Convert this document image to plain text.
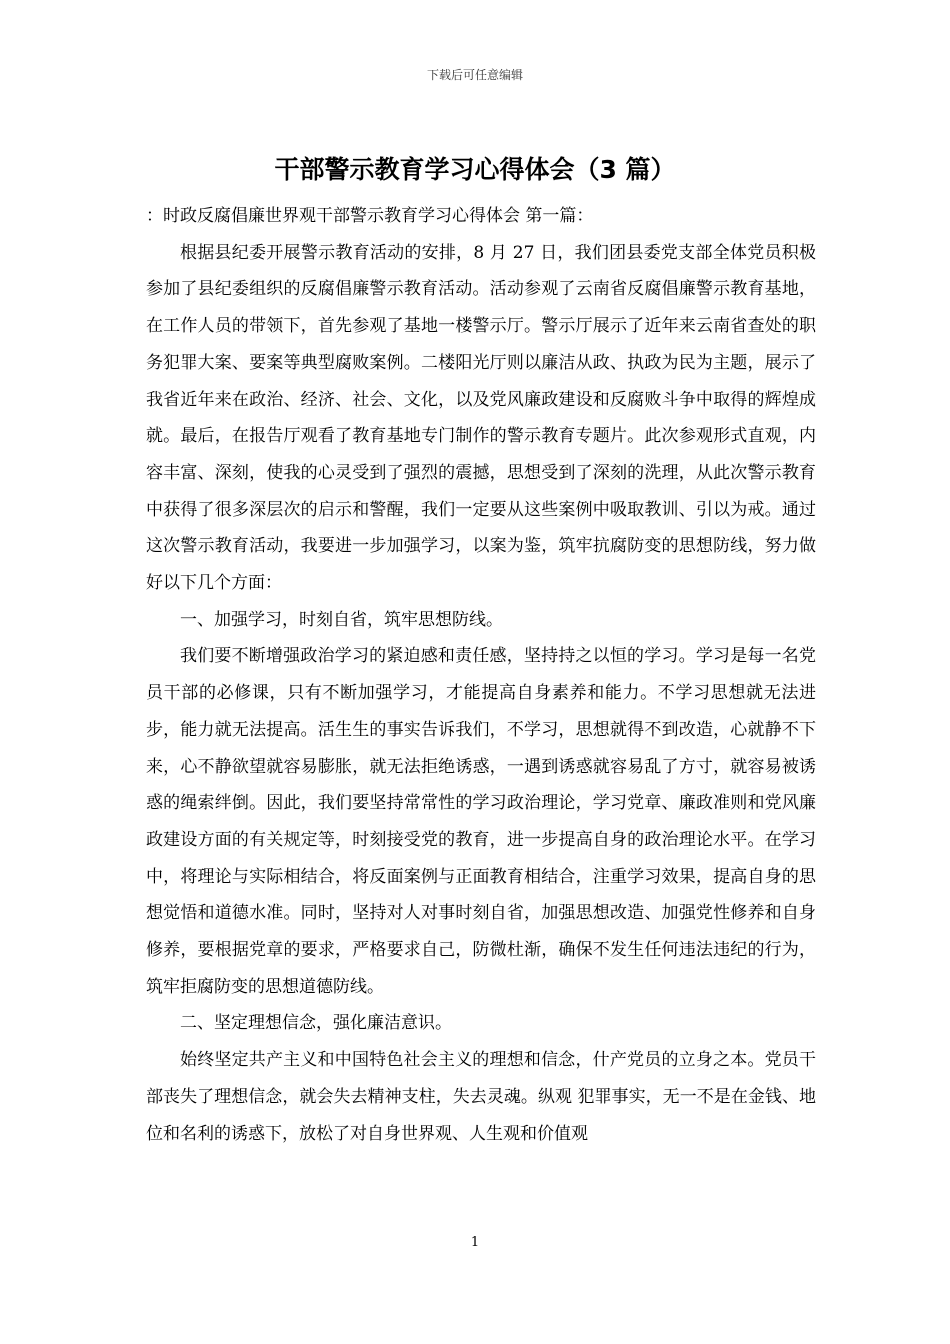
下载后可任意编辑
干部警示教育学习心得体会（3 篇）

：时政反腐倡廉世界观干部警示教育学习心得体会 第一篇：

根据县纪委开展警示教育活动的安排，8 月 27 日，我们团县委党支部全体党员积极参加了县纪委组织的反腐倡廉警示教育活动。活动参观了云南省反腐倡廉警示教育基地，在工作人员的带领下，首先参观了基地一楼警示厅。警示厅展示了近年来云南省查处的职务犯罪大案、要案等典型腐败案例。二楼阳光厅则以廉洁从政、执政为民为主题，展示了我省近年来在政治、经济、社会、文化，以及党风廉政建设和反腐败斗争中取得的辉煌成就。最后，在报告厅观看了教育基地专门制作的警示教育专题片。此次参观形式直观，内容丰富、深刻，使我的心灵受到了强烈的震撼，思想受到了深刻的洗理，从此次警示教育中获得了很多深层次的启示和警醒，我们一定要从这些案例中吸取教训、引以为戒。通过这次警示教育活动，我要进一步加强学习，以案为鉴，筑牢抗腐防变的思想防线，努力做好以下几个方面：

一、加强学习，时刻自省，筑牢思想防线。

我们要不断增强政治学习的紧迫感和责任感，坚持持之以恒的学习。学习是每一名党员干部的必修课，只有不断加强学习，才能提高自身素养和能力。不学习思想就无法进步，能力就无法提高。活生生的事实告诉我们，不学习，思想就得不到改造，心就静不下来，心不静欲望就容易膨胀，就无法拒绝诱惑，一遇到诱惑就容易乱了方寸，就容易被诱惑的绳索绊倒。因此，我们要坚持常常性的学习政治理论，学习党章、廉政准则和党风廉政建设方面的有关规定等，时刻接受党的教育，进一步提高自身的政治理论水平。在学习中，将理论与实际相结合，将反面案例与正面教育相结合，注重学习效果，提高自身的思想觉悟和道德水准。同时，坚持对人对事时刻自省，加强思想改造、加强党性修养和自身修养，要根据党章的要求，严格要求自己，防微杜渐，确保不发生任何违法违纪的行为，筑牢拒腐防变的思想道德防线。

二、坚定理想信念，强化廉洁意识。

始终坚定共产主义和中国特色社会主义的理想和信念，什产党员的立身之本。党员干部丧失了理想信念，就会失去精神支柱，失去灵魂。纵观 犯罪事实，无一不是在金钱、地位和名利的诱惑下，放松了对自身世界观、人生观和价值观

1
